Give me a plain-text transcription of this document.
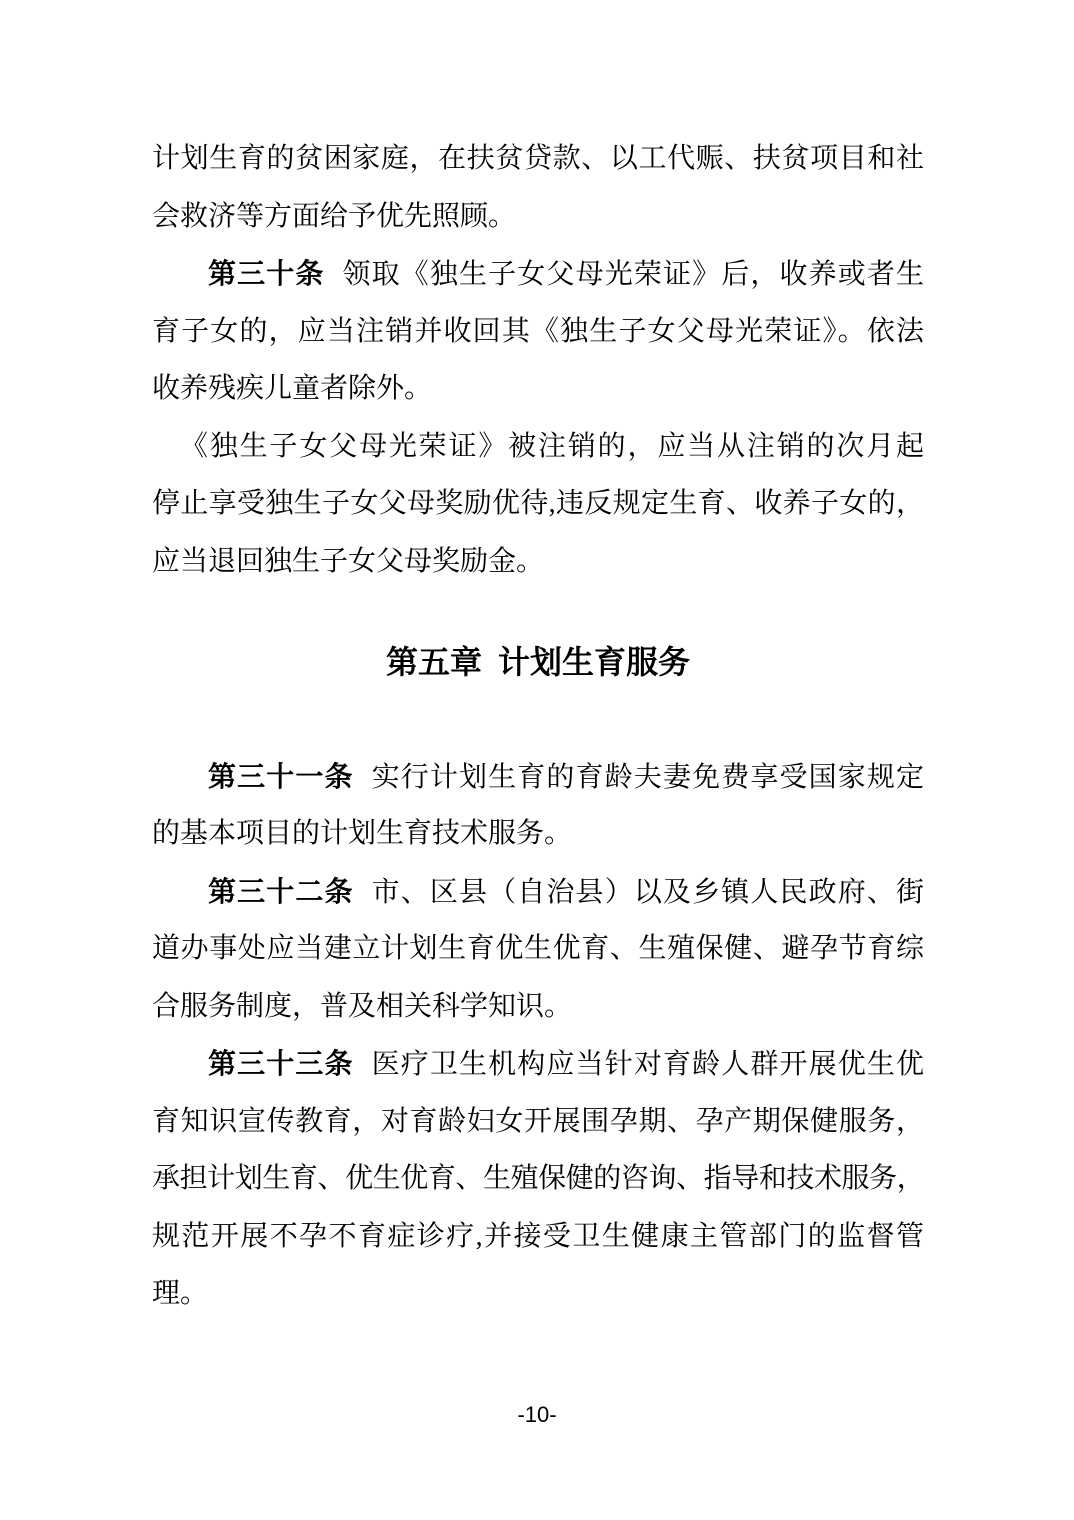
计划生育的贫困家庭，在扶贫贷款、以工代赈、扶贫项目和社
会救济等方面给予优先照顾。
第三十条 领取《独生子女父母光荣证》后，收养或者生
育子女的，应当注销并收回其《独生子女父母光荣证》。依法
收养残疾儿童者除外。
《独生子女父母光荣证》被注销的，应当从注销的次月起
停止享受独生子女父母奖励优待,违反规定生育、收养子女的，
应当退回独生子女父母奖励金。
第五章 计划生育服务
第三十一条 实行计划生育的育龄夫妻免费享受国家规定
的基本项目的计划生育技术服务。
第三十二条 市、区县（自治县）以及乡镇人民政府、街
道办事处应当建立计划生育优生优育、生殖保健、避孕节育综
合服务制度，普及相关科学知识。
第三十三条 医疗卫生机构应当针对育龄人群开展优生优
育知识宣传教育，对育龄妇女开展围孕期、孕产期保健服务，
承担计划生育、优生优育、生殖保健的咨询、指导和技术服务，
规范开展不孕不育症诊疗,并接受卫生健康主管部门的监督管
理。
-10-
